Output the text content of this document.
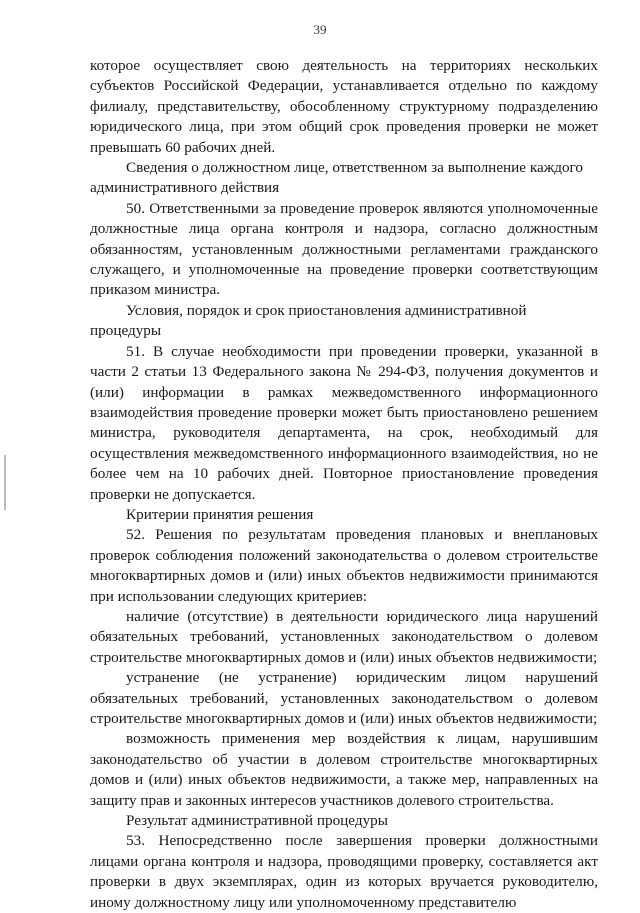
39

которое осуществляет свою деятельность на территориях нескольких субъектов Российской Федерации, устанавливается отдельно по каждому филиалу, представительству, обособленному структурному подразделению юридического лица, при этом общий срок проведения проверки не может превышать 60 рабочих дней.

Сведения о должностном лице, ответственном за выполнение каждого административного действия

50. Ответственными за проведение проверок являются уполномоченные должностные лица органа контроля и надзора, согласно должностным обязанностям, установленным должностными регламентами гражданского служащего, и уполномоченные на проведение проверки соответствующим приказом министра.

Условия, порядок и срок приостановления административной процедуры

51. В случае необходимости при проведении проверки, указанной в части 2 статьи 13 Федерального закона № 294-ФЗ, получения документов и (или) информации в рамках межведомственного информационного взаимодействия проведение проверки может быть приостановлено решением министра, руководителя департамента, на срок, необходимый для осуществления межведомственного информационного взаимодействия, но не более чем на 10 рабочих дней. Повторное приостановление проведения проверки не допускается.

Критерии принятия решения

52. Решения по результатам проведения плановых и внеплановых проверок соблюдения положений законодательства о долевом строительстве многоквартирных домов и (или) иных объектов недвижимости принимаются при использовании следующих критериев:

наличие (отсутствие) в деятельности юридического лица нарушений обязательных требований, установленных законодательством о долевом строительстве многоквартирных домов и (или) иных объектов недвижимости;

устранение (не устранение) юридическим лицом нарушений обязательных требований, установленных законодательством о долевом строительстве многоквартирных домов и (или) иных объектов недвижимости;

возможность применения мер воздействия к лицам, нарушившим законодательство об участии в долевом строительстве многоквартирных домов и (или) иных объектов недвижимости, а также мер, направленных на защиту прав и законных интересов участников долевого строительства.

Результат административной процедуры

53. Непосредственно после завершения проверки должностными лицами органа контроля и надзора, проводящими проверку, составляется акт проверки в двух экземплярах, один из которых вручается руководителю, иному должностному лицу или уполномоченному представителю
